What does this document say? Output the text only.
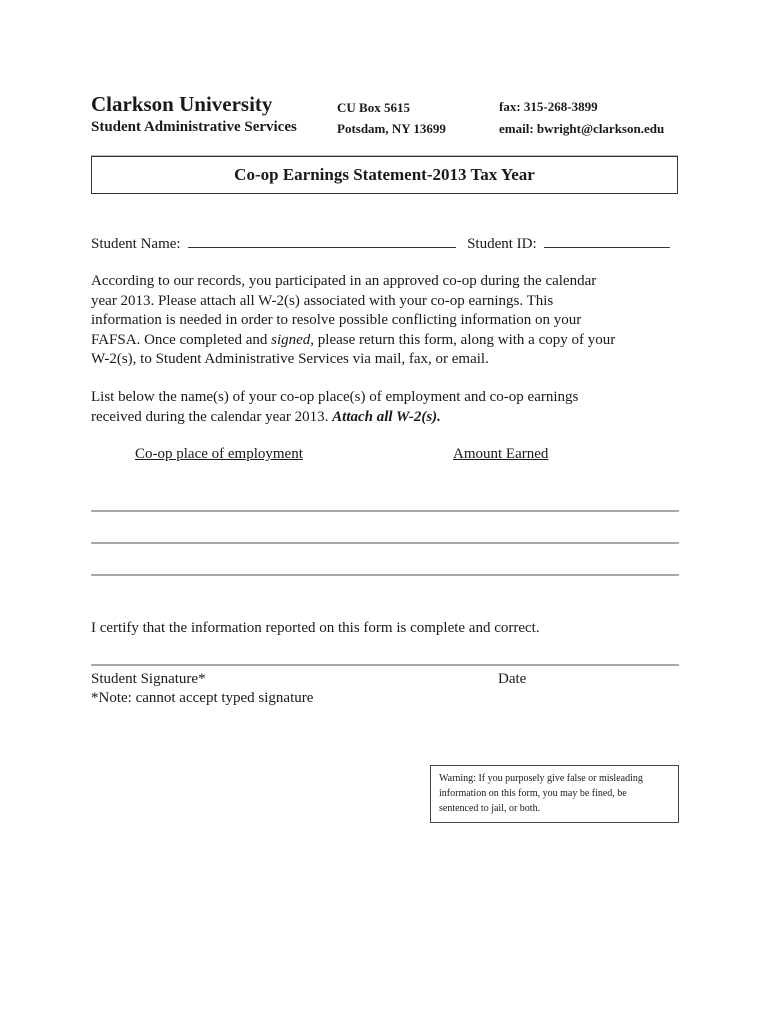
Clarkson University
Student Administrative Services
CU Box 5615
Potsdam, NY 13699
fax: 315-268-3899
email: bwright@clarkson.edu
Co-op Earnings Statement-2013 Tax Year
Student Name:	Student ID:
According to our records, you participated in an approved co-op during the calendar
year 2013. Please attach all W-2(s) associated with your co-op earnings. This
information is needed in order to resolve possible conflicting information on your
FAFSA. Once completed and signed, please return this form, along with a copy of your
W-2(s), to Student Administrative Services via mail, fax, or email.
List below the name(s) of your co-op place(s) of employment and co-op earnings
received during the calendar year 2013. Attach all W-2(s).
Co-op place of employment	Amount Earned
I certify that the information reported on this form is complete and correct.
Student Signature*
*Note: cannot accept typed signature
Date
Warning: If you purposely give false or misleading
information on this form, you may be fined, be
sentenced to jail, or both.
